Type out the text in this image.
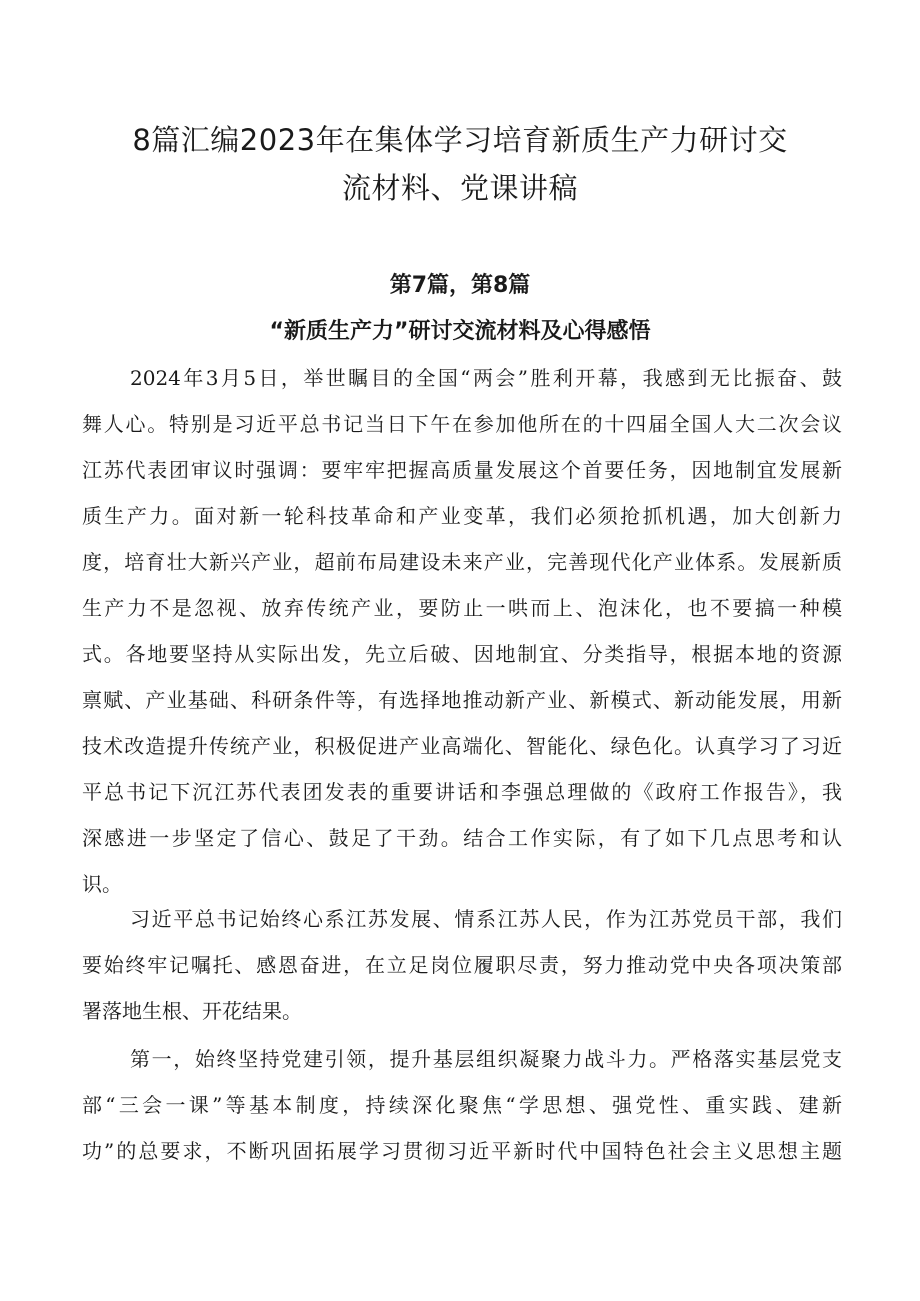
8篇汇编2023年在集体学习培育新质生产力研讨交
流材料、党课讲稿
第7篇，第8篇
“新质生产力”研讨交流材料及心得感悟
2024年3月5日，举世瞩目的全国“两会”胜利开幕，我感到无比振奋、鼓
舞人心。特别是习近平总书记当日下午在参加他所在的十四届全国人大二次会议
江苏代表团审议时强调：要牢牢把握高质量发展这个首要任务，因地制宜发展新
质生产力。面对新一轮科技革命和产业变革，我们必须抢抓机遇，加大创新力
度，培育壮大新兴产业，超前布局建设未来产业，完善现代化产业体系。发展新质
生产力不是忽视、放弃传统产业，要防止一哄而上、泡沫化，也不要搞一种模
式。各地要坚持从实际出发，先立后破、因地制宜、分类指导，根据本地的资源
禀赋、产业基础、科研条件等，有选择地推动新产业、新模式、新动能发展，用新
技术改造提升传统产业，积极促进产业高端化、智能化、绿色化。认真学习了习近
平总书记下沉江苏代表团发表的重要讲话和李强总理做的《政府工作报告》，我
深感进一步坚定了信心、鼓足了干劲。结合工作实际，有了如下几点思考和认
识。
习近平总书记始终心系江苏发展、情系江苏人民，作为江苏党员干部，我们
要始终牢记嘱托、感恩奋进，在立足岗位履职尽责，努力推动党中央各项决策部
署落地生根、开花结果。
第一，始终坚持党建引领，提升基层组织凝聚力战斗力。严格落实基层党支
部“三会一课”等基本制度，持续深化聚焦“学思想、强党性、重实践、建新
功”的总要求，不断巩固拓展学习贯彻习近平新时代中国特色社会主义思想主题
